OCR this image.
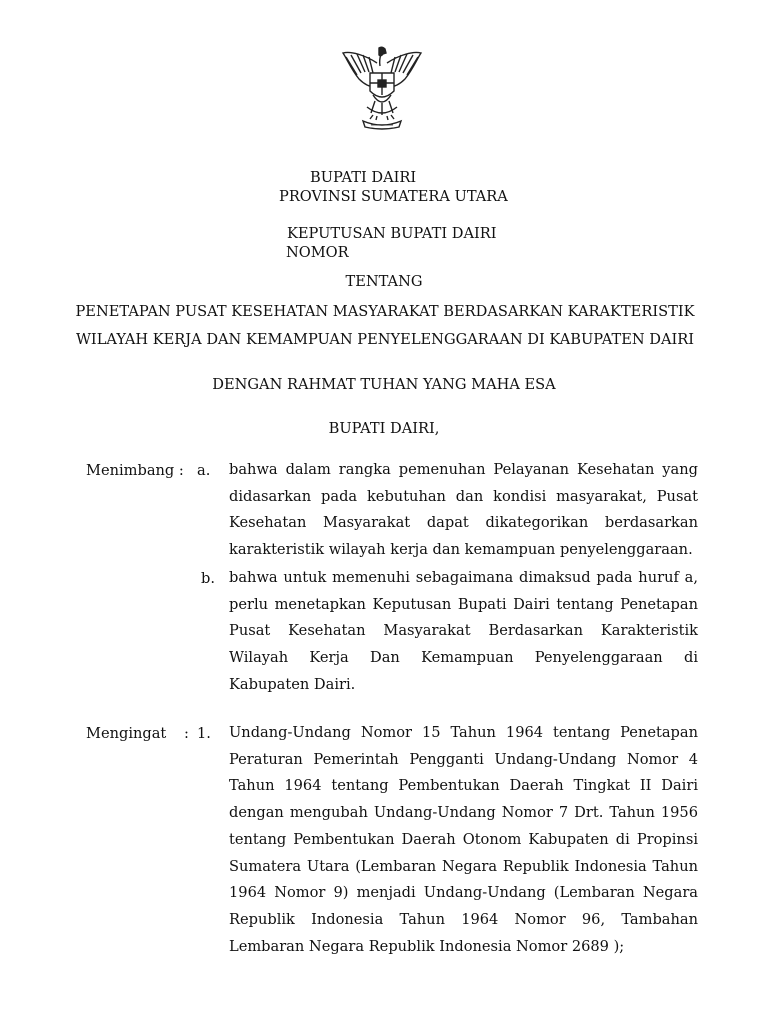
BUPATI DAIRI
PROVINSI SUMATERA UTARA
KEPUTUSAN BUPATI DAIRI
NOMOR
TENTANG
PENETAPAN PUSAT KESEHATAN MASYARAKAT BERDASARKAN KARAKTERISTIK
WILAYAH KERJA DAN KEMAMPUAN PENYELENGGARAAN DI KABUPATEN DAIRI
DENGAN RAHMAT TUHAN YANG MAHA ESA
BUPATI DAIRI,
Menimbang : a. bahwa dalam rangka pemenuhan Pelayanan Kesehatan yang didasarkan pada kebutuhan dan kondisi masyarakat, Pusat Kesehatan Masyarakat dapat dikategorikan berdasarkan karakteristik wilayah kerja dan kemampuan penyelenggaraan.
b. bahwa untuk memenuhi sebagaimana dimaksud pada huruf a, perlu menetapkan Keputusan Bupati Dairi tentang Penetapan Pusat Kesehatan Masyarakat Berdasarkan Karakteristik Wilayah Kerja Dan Kemampuan Penyelenggaraan di Kabupaten Dairi.
Mengingat : 1. Undang-Undang Nomor 15 Tahun 1964 tentang Penetapan Peraturan Pemerintah Pengganti Undang-Undang Nomor 4 Tahun 1964 tentang Pembentukan Daerah Tingkat II Dairi dengan mengubah Undang-Undang Nomor 7 Drt. Tahun 1956 tentang Pembentukan Daerah Otonom Kabupaten di Propinsi Sumatera Utara (Lembaran Negara Republik Indonesia Tahun 1964 Nomor 9) menjadi Undang-Undang (Lembaran Negara Republik Indonesia Tahun 1964 Nomor 96, Tambahan Lembaran Negara Republik Indonesia Nomor 2689 );
